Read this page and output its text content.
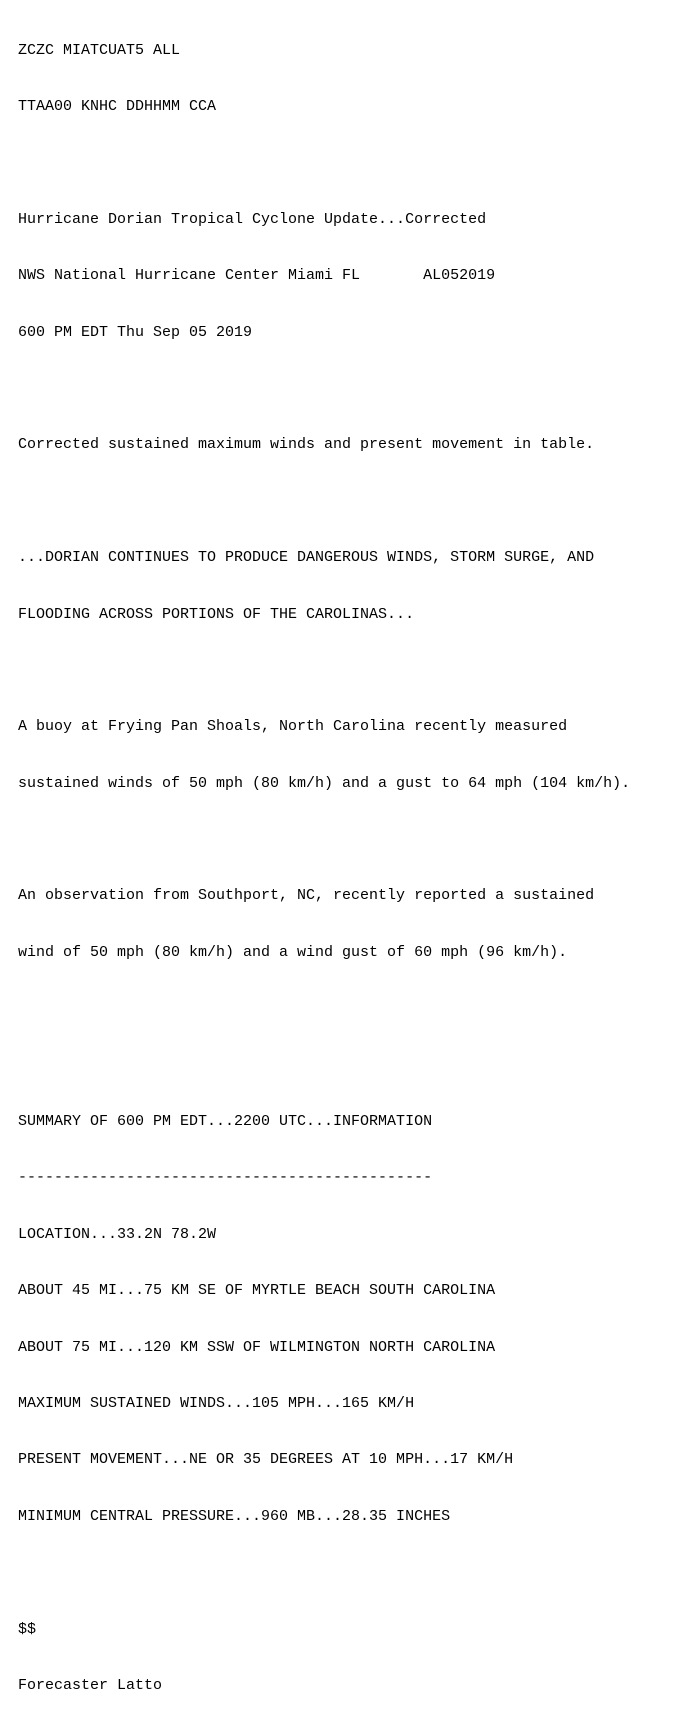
ZCZC MIATCUAT5 ALL

TTAA00 KNHC DDHHMM CCA

Hurricane Dorian Tropical Cyclone Update...Corrected

NWS National Hurricane Center Miami FL       AL052019

600 PM EDT Thu Sep 05 2019

Corrected sustained maximum winds and present movement in table.

...DORIAN CONTINUES TO PRODUCE DANGEROUS WINDS, STORM SURGE, AND

FLOODING ACROSS PORTIONS OF THE CAROLINAS...

A buoy at Frying Pan Shoals, North Carolina recently measured

sustained winds of 50 mph (80 km/h) and a gust to 64 mph (104 km/h).

An observation from Southport, NC, recently reported a sustained

wind of 50 mph (80 km/h) and a wind gust of 60 mph (96 km/h).

SUMMARY OF 600 PM EDT...2200 UTC...INFORMATION

----------------------------------------------

LOCATION...33.2N 78.2W

ABOUT 45 MI...75 KM SE OF MYRTLE BEACH SOUTH CAROLINA

ABOUT 75 MI...120 KM SSW OF WILMINGTON NORTH CAROLINA

MAXIMUM SUSTAINED WINDS...105 MPH...165 KM/H

PRESENT MOVEMENT...NE OR 35 DEGREES AT 10 MPH...17 KM/H

MINIMUM CENTRAL PRESSURE...960 MB...28.35 INCHES

$$

Forecaster Latto
